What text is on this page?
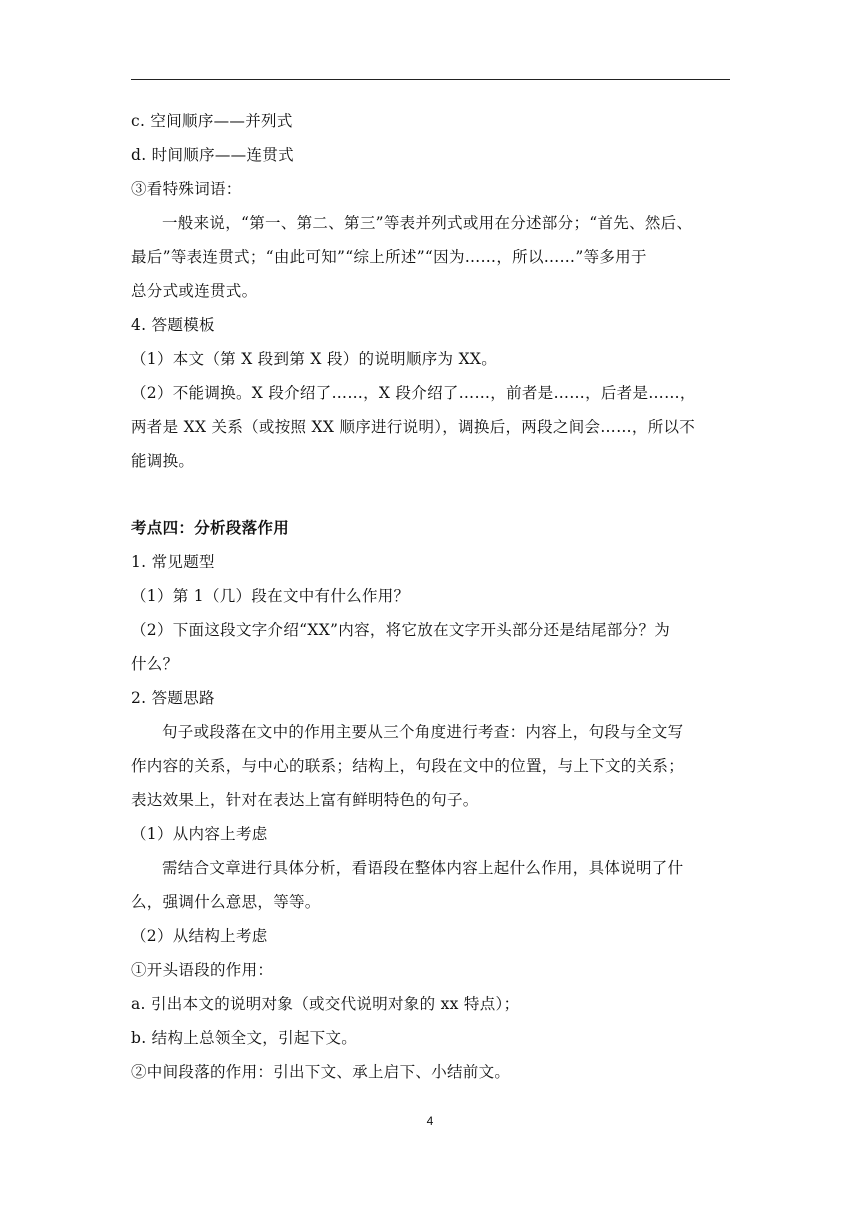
c. 空间顺序——并列式
d. 时间顺序——连贯式
③看特殊词语：
一般来说，“第一、第二、第三”等表并列式或用在分述部分；“首先、然后、
最后”等表连贯式；“由此可知”“综上所述”“因为……，所以……”等多用于
总分式或连贯式。
4. 答题模板
（1）本文（第 X 段到第 X 段）的说明顺序为 XX。
（2）不能调换。X 段介绍了……，X 段介绍了……，前者是……，后者是……，
两者是 XX 关系（或按照 XX 顺序进行说明），调换后，两段之间会……，所以不
能调换。
考点四：分析段落作用
1. 常见题型
（1）第 1（几）段在文中有什么作用？
（2）下面这段文字介绍“XX”内容，将它放在文字开头部分还是结尾部分？为
什么？
2. 答题思路
句子或段落在文中的作用主要从三个角度进行考查：内容上，句段与全文写
作内容的关系，与中心的联系；结构上，句段在文中的位置，与上下文的关系；
表达效果上，针对在表达上富有鲜明特色的句子。
（1）从内容上考虑
需结合文章进行具体分析，看语段在整体内容上起什么作用，具体说明了什
么，强调什么意思，等等。
（2）从结构上考虑
①开头语段的作用：
a. 引出本文的说明对象（或交代说明对象的 xx 特点）；
b. 结构上总领全文，引起下文。
②中间段落的作用：引出下文、承上启下、小结前文。
4
